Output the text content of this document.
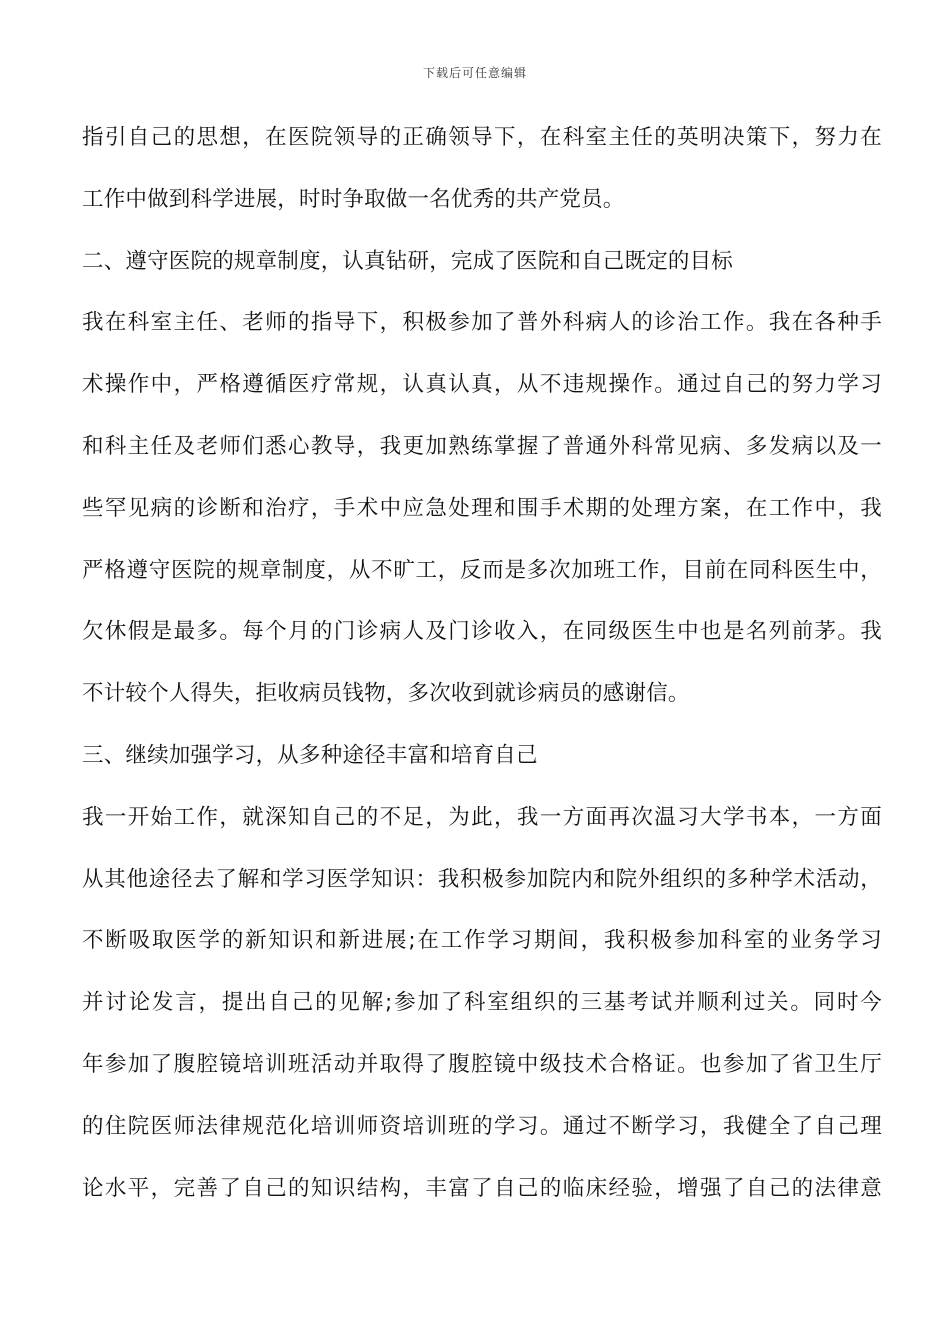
下载后可任意编辑
指引自己的思想，在医院领导的正确领导下，在科室主任的英明决策下，努力在
工作中做到科学进展，时时争取做一名优秀的共产党员。
二、遵守医院的规章制度，认真钻研，完成了医院和自己既定的目标
我在科室主任、老师的指导下，积极参加了普外科病人的诊治工作。我在各种手
术操作中，严格遵循医疗常规，认真认真，从不违规操作。通过自己的努力学习
和科主任及老师们悉心教导，我更加熟练掌握了普通外科常见病、多发病以及一
些罕见病的诊断和治疗，手术中应急处理和围手术期的处理方案，在工作中，我
严格遵守医院的规章制度，从不旷工，反而是多次加班工作，目前在同科医生中，
欠休假是最多。每个月的门诊病人及门诊收入，在同级医生中也是名列前茅。我
不计较个人得失，拒收病员钱物，多次收到就诊病员的感谢信。
三、继续加强学习，从多种途径丰富和培育自己
我一开始工作，就深知自己的不足，为此，我一方面再次温习大学书本，一方面
从其他途径去了解和学习医学知识：我积极参加院内和院外组织的多种学术活动，
不断吸取医学的新知识和新进展;在工作学习期间，我积极参加科室的业务学习
并讨论发言，提出自己的见解;参加了科室组织的三基考试并顺利过关。同时今
年参加了腹腔镜培训班活动并取得了腹腔镜中级技术合格证。也参加了省卫生厅
的住院医师法律规范化培训师资培训班的学习。通过不断学习，我健全了自己理
论水平，完善了自己的知识结构，丰富了自己的临床经验，增强了自己的法律意
